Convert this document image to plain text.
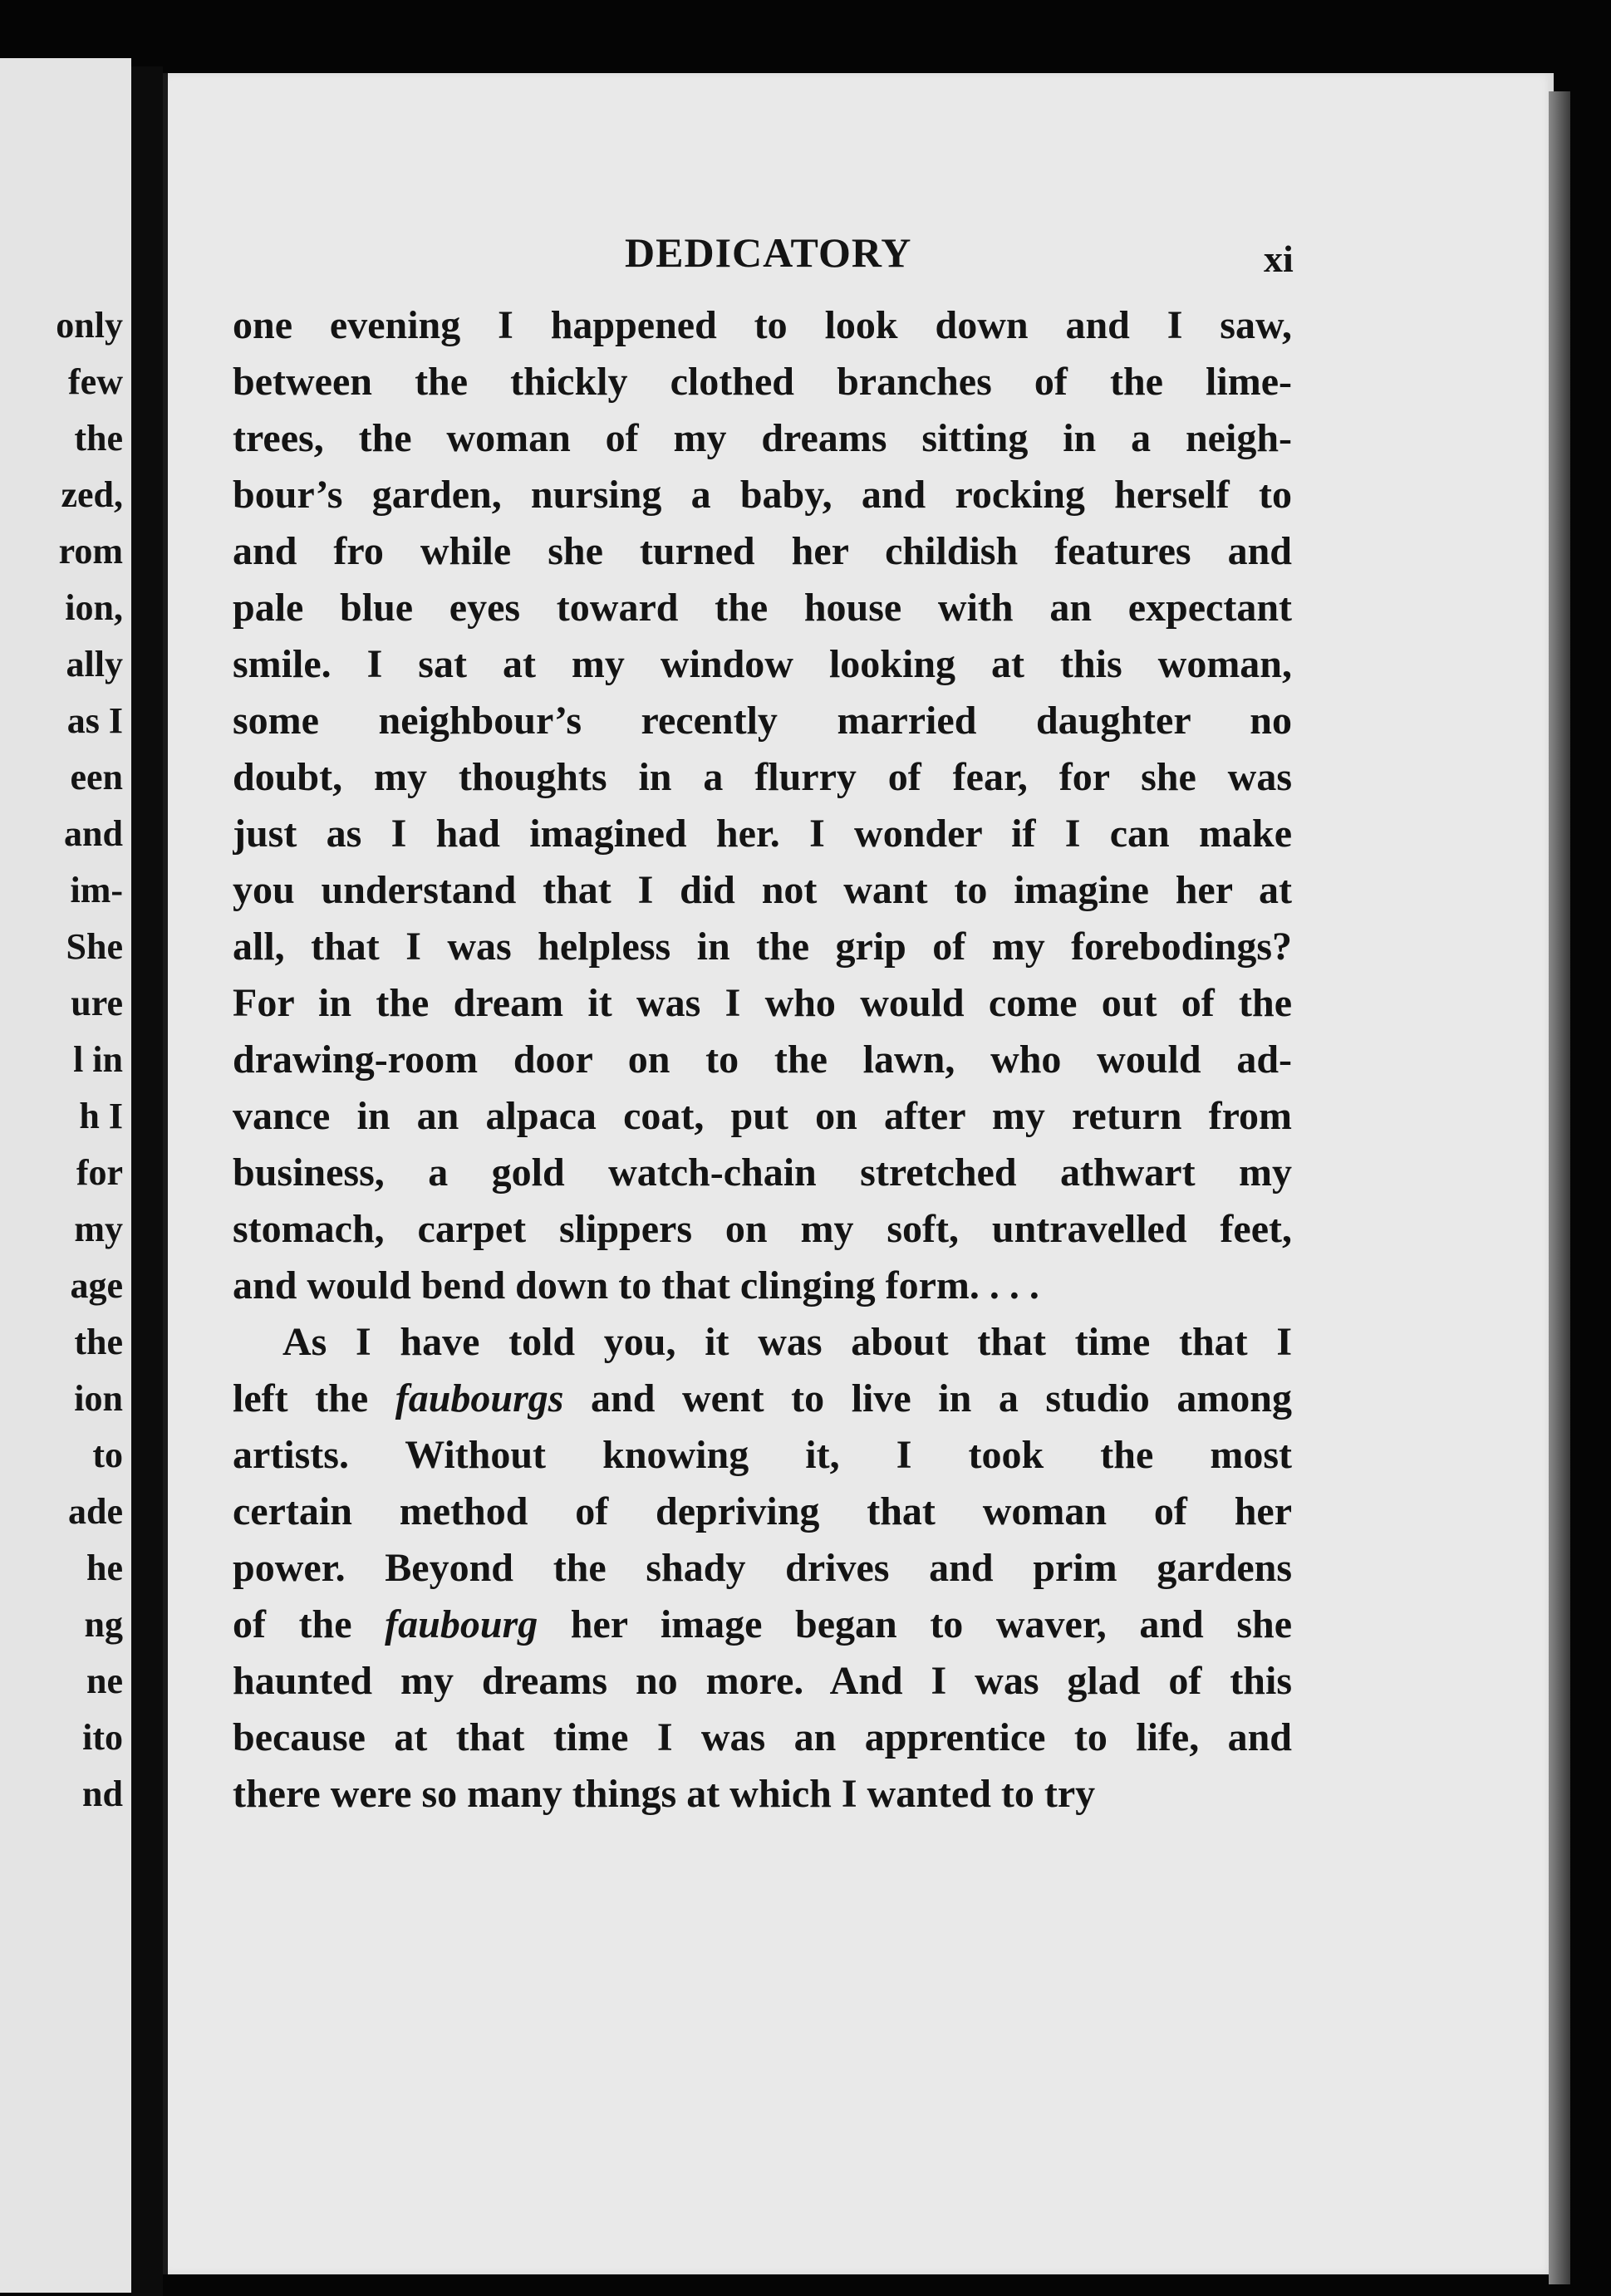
only
few
the
zed,
rom
ion,
ally
as I
een
and
im-
She
ure
l in
h I
for
my
age
the
ion
to
ade
he
ng
ne
ito
nd
DEDICATORY	xi
one evening I happened to look down and I saw,
between the thickly clothed branches of the lime-
trees, the woman of my dreams sitting in a neigh-
bour’s garden, nursing a baby, and rocking herself to
and fro while she turned her childish features and
pale blue eyes toward the house with an expectant
smile. I sat at my window looking at this woman,
some neighbour’s recently married daughter no
doubt, my thoughts in a flurry of fear, for she was
just as I had imagined her. I wonder if I can make
you understand that I did not want to imagine her at
all, that I was helpless in the grip of my forebodings?
For in the dream it was I who would come out of the
drawing-room door on to the lawn, who would ad-
vance in an alpaca coat, put on after my return from
business, a gold watch-chain stretched athwart my
stomach, carpet slippers on my soft, untravelled feet,
and would bend down to that clinging form. . . .
As I have told you, it was about that time that I
left the faubourgs and went to live in a studio among
artists. Without knowing it, I took the most
certain method of depriving that woman of her
power. Beyond the shady drives and prim gardens
of the faubourg her image began to waver, and she
haunted my dreams no more. And I was glad of this
because at that time I was an apprentice to life, and
there were so many things at which I wanted to try
